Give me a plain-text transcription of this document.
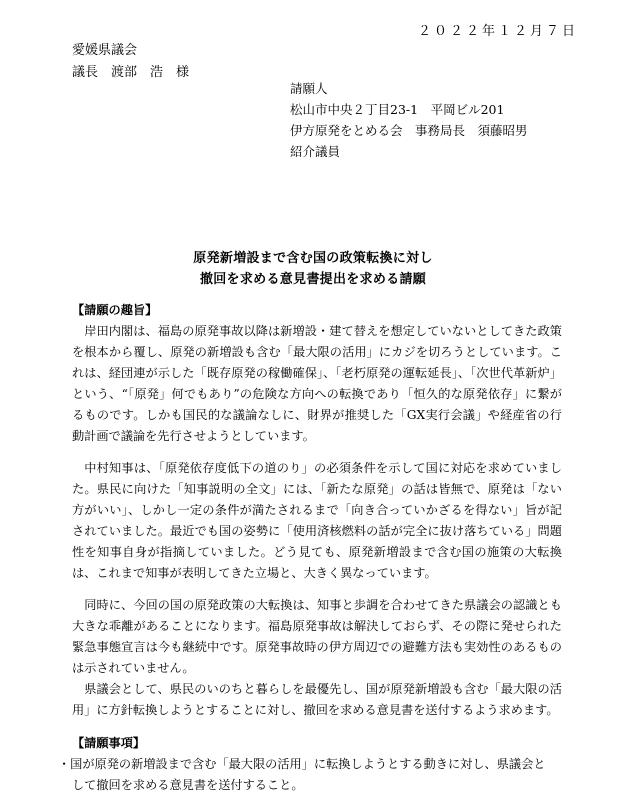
２０２２年１２月７日
愛媛県議会
議長　渡部　浩　様
請願人
松山市中央２丁目23-1　平岡ビル201
伊方原発をとめる会　事務局長　須藤昭男
紹介議員
原発新増設まで含む国の政策転換に対し
撤回を求める意見書提出を求める請願

【請願の趣旨】

岸田内閣は、福島の原発事故以降は新増設・建て替えを想定していないとしてきた政策を根本から覆し、原発の新増設も含む「最大限の活用」にカジを切ろうとしています。これは、経団連が示した「既存原発の稼働確保」、「老朽原発の運転延長」、「次世代革新炉」という、“「原発」何でもあり”の危険な方向への転換であり「恒久的な原発依存」に繋がるものです。しかも国民的な議論なしに、財界が推奨した「GX実行会議」や経産省の行動計画で議論を先行させようとしています。

中村知事は、「原発依存度低下の道のり」の必須条件を示して国に対応を求めていました。県民に向けた「知事説明の全文」には、「新たな原発」の話は皆無で、原発は「ない方がいい」、しかし一定の条件が満たされるまで「向き合っていかざるを得ない」旨が記されていました。最近でも国の姿勢に「使用済核燃料の話が完全に抜け落ちている」問題性を知事自身が指摘していました。どう見ても、原発新増設まで含む国の施策の大転換は、これまで知事が表明してきた立場と、大きく異なっています。

同時に、今回の国の原発政策の大転換は、知事と歩調を合わせてきた県議会の認識とも大きな乖離があることになります。福島原発事故は解決しておらず、その際に発せられた緊急事態宣言は今も継続中です。原発事故時の伊方周辺での避難方法も実効性のあるものは示されていません。

県議会として、県民のいのちと暮らしを最優先し、国が原発新増設も含む「最大限の活用」に方針転換しようとすることに対し、撤回を求める意見書を送付するよう求めます。

【請願事項】

・国が原発の新増設まで含む「最大限の活用」に転換しようとする動きに対し、県議会として撤回を求める意見書を送付すること。
